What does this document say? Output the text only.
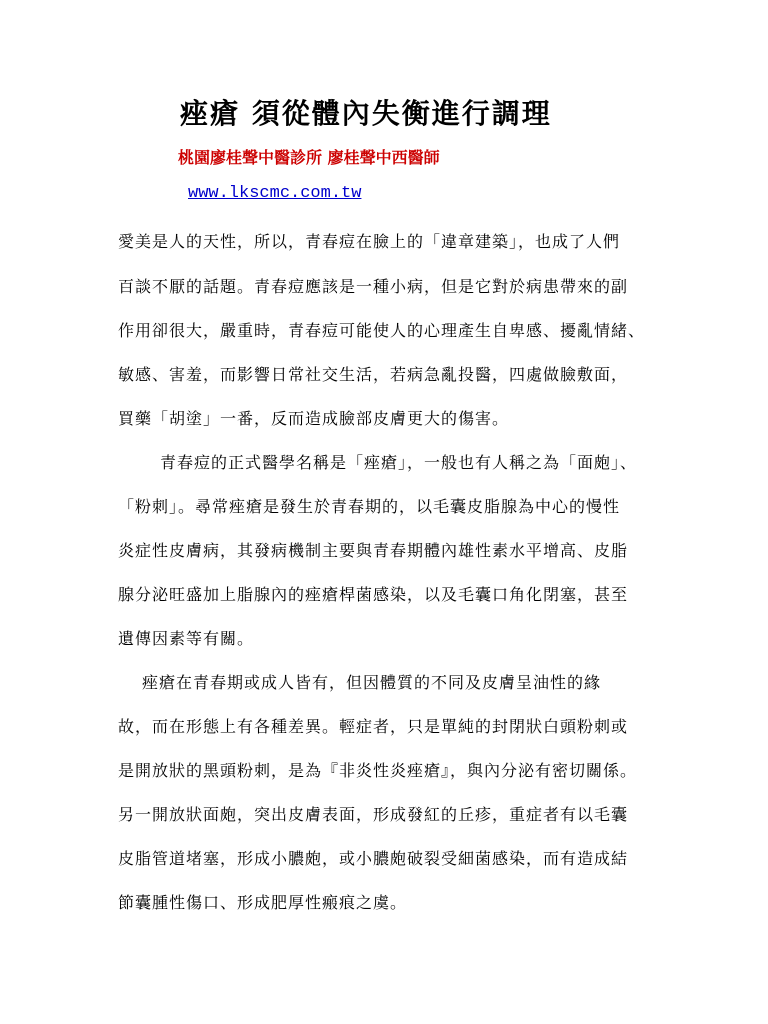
痤瘡 須從體內失衡進行調理
桃園廖桂聲中醫診所 廖桂聲中西醫師
www.lkscmc.com.tw
愛美是人的天性，所以，青春痘在臉上的「違章建築」，也成了人們
百談不厭的話題。青春痘應該是一種小病，但是它對於病患帶來的副
作用卻很大，嚴重時，青春痘可能使人的心理產生自卑感、擾亂情緒、
敏感、害羞，而影響日常社交生活，若病急亂投醫，四處做臉敷面，
買藥「胡塗」一番，反而造成臉部皮膚更大的傷害。
青春痘的正式醫學名稱是「痤瘡」，一般也有人稱之為「面皰」、
「粉刺」。尋常痤瘡是發生於青春期的，以毛囊皮脂腺為中心的慢性
炎症性皮膚病，其發病機制主要與青春期體內雄性素水平增高、皮脂
腺分泌旺盛加上脂腺內的痤瘡桿菌感染，以及毛囊口角化閉塞，甚至
遺傳因素等有關。
痤瘡在青春期或成人皆有，但因體質的不同及皮膚呈油性的緣
故，而在形態上有各種差異。輕症者，只是單純的封閉狀白頭粉刺或
是開放狀的黑頭粉刺，是為『非炎性炎痤瘡』，與內分泌有密切關係。
另一開放狀面皰，突出皮膚表面，形成發紅的丘疹，重症者有以毛囊
皮脂管道堵塞，形成小膿皰，或小膿皰破裂受細菌感染，而有造成結
節囊腫性傷口、形成肥厚性瘢痕之虞。
